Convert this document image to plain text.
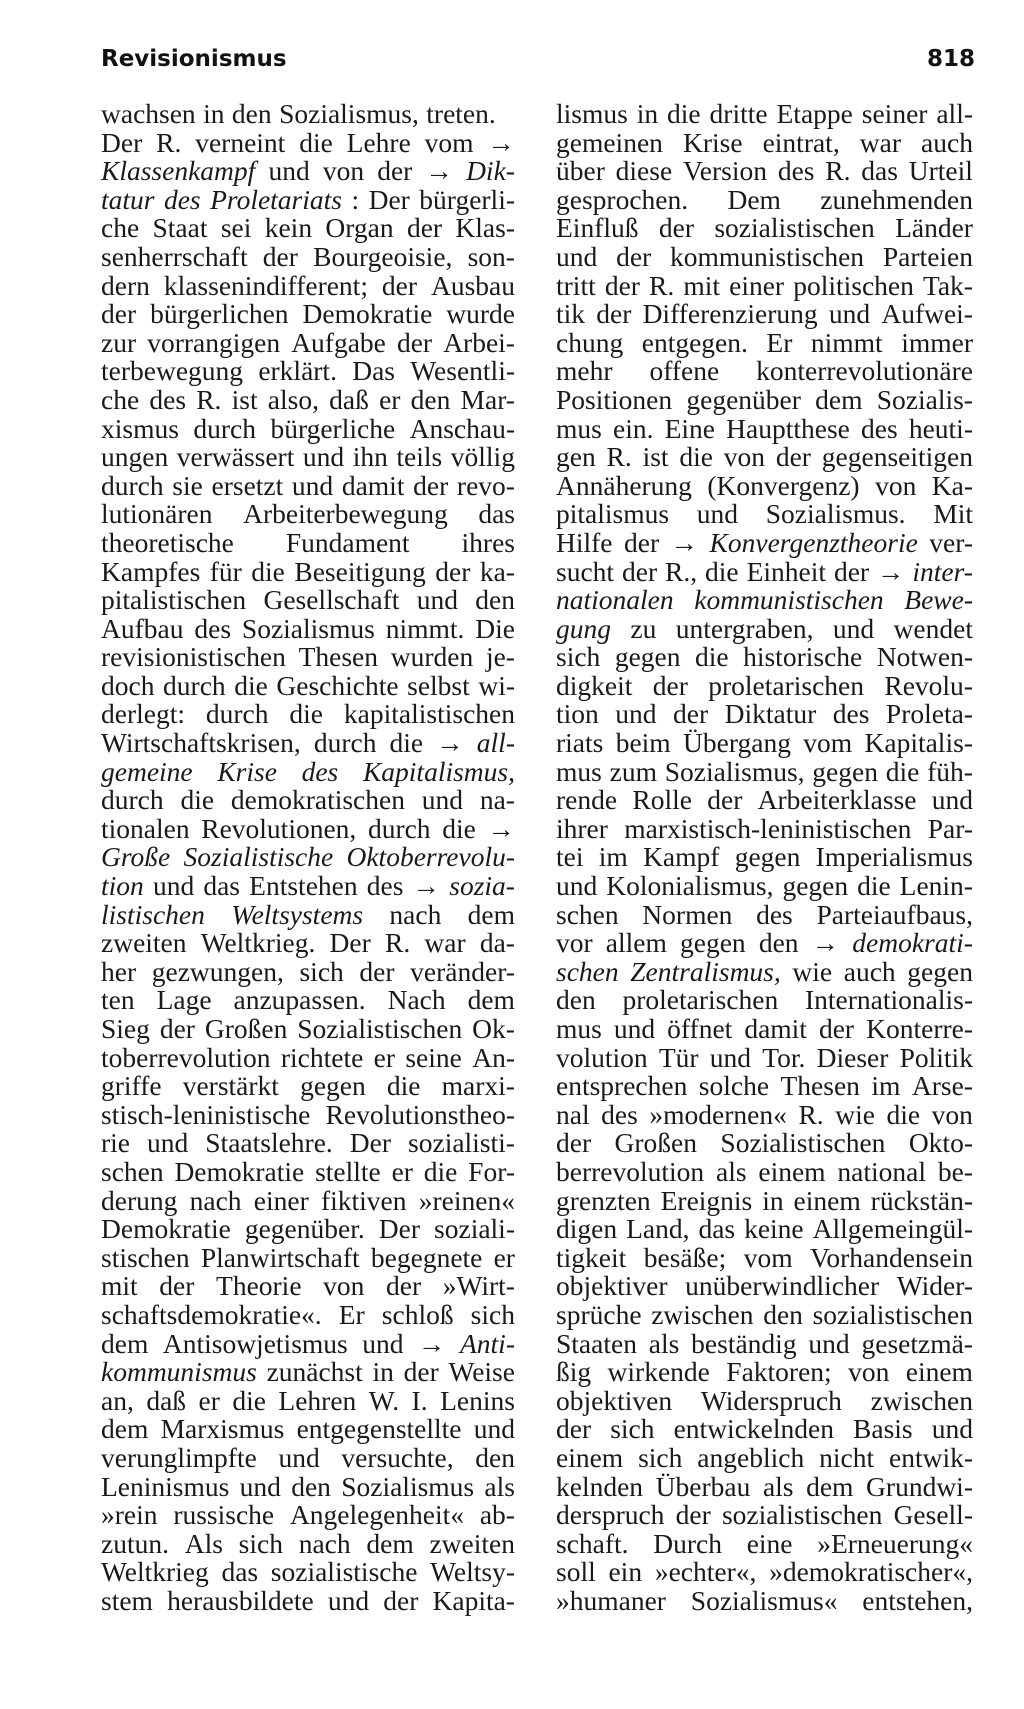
Revisionismus	818
wachsen in den Sozialismus, treten.
Der R. verneint die Lehre vom →
Klassenkampf und von der → Dik-
tatur des Proletariats : Der bürgerli-
che Staat sei kein Organ der Klas-
senherrschaft der Bourgeoisie, son-
dern klassenindifferent; der Ausbau
der bürgerlichen Demokratie wurde
zur vorrangigen Aufgabe der Arbei-
terbewegung erklärt. Das Wesentli-
che des R. ist also, daß er den Mar-
xismus durch bürgerliche Anschau-
ungen verwässert und ihn teils völlig
durch sie ersetzt und damit der revo-
lutionären Arbeiterbewegung das
theoretische Fundament ihres
Kampfes für die Beseitigung der ka-
pitalistischen Gesellschaft und den
Aufbau des Sozialismus nimmt. Die
revisionistischen Thesen wurden je-
doch durch die Geschichte selbst wi-
derlegt: durch die kapitalistischen
Wirtschaftskrisen, durch die → all-
gemeine Krise des Kapitalismus,
durch die demokratischen und na-
tionalen Revolutionen, durch die →
Große Sozialistische Oktoberrevolu-
tion und das Entstehen des → sozia-
listischen Weltsystems nach dem
zweiten Weltkrieg. Der R. war da-
her gezwungen, sich der veränder-
ten Lage anzupassen. Nach dem
Sieg der Großen Sozialistischen Ok-
toberrevolution richtete er seine An-
griffe verstärkt gegen die marxi-
stisch-leninistische Revolutionstheo-
rie und Staatslehre. Der sozialisti-
schen Demokratie stellte er die For-
derung nach einer fiktiven »reinen«
Demokratie gegenüber. Der soziali-
stischen Planwirtschaft begegnete er
mit der Theorie von der »Wirt-
schaftsdemokratie«. Er schloß sich
dem Antisowjetismus und → Anti-
kommunismus zunächst in der Weise
an, daß er die Lehren W. I. Lenins
dem Marxismus entgegenstellte und
verunglimpfte und versuchte, den
Leninismus und den Sozialismus als
»rein russische Angelegenheit« ab-
zutun. Als sich nach dem zweiten
Weltkrieg das sozialistische Weltsy-
stem herausbildete und der Kapita-
lismus in die dritte Etappe seiner all-
gemeinen Krise eintrat, war auch
über diese Version des R. das Urteil
gesprochen. Dem zunehmenden
Einfluß der sozialistischen Länder
und der kommunistischen Parteien
tritt der R. mit einer politischen Tak-
tik der Differenzierung und Aufwei-
chung entgegen. Er nimmt immer
mehr offene konterrevolutionäre
Positionen gegenüber dem Sozialis-
mus ein. Eine Hauptthese des heuti-
gen R. ist die von der gegenseitigen
Annäherung (Konvergenz) von Ka-
pitalismus und Sozialismus. Mit
Hilfe der → Konvergenztheorie ver-
sucht der R., die Einheit der → inter-
nationalen kommunistischen Bewe-
gung zu untergraben, und wendet
sich gegen die historische Notwen-
digkeit der proletarischen Revolu-
tion und der Diktatur des Proleta-
riats beim Übergang vom Kapitalis-
mus zum Sozialismus, gegen die füh-
rende Rolle der Arbeiterklasse und
ihrer marxistisch-leninistischen Par-
tei im Kampf gegen Imperialismus
und Kolonialismus, gegen die Lenin-
schen Normen des Parteiaufbaus,
vor allem gegen den → demokrati-
schen Zentralismus, wie auch gegen
den proletarischen Internationalis-
mus und öffnet damit der Konterre-
volution Tür und Tor. Dieser Politik
entsprechen solche Thesen im Arse-
nal des »modernen« R. wie die von
der Großen Sozialistischen Okto-
berrevolution als einem national be-
grenzten Ereignis in einem rückstän-
digen Land, das keine Allgemeingül-
tigkeit besäße; vom Vorhandensein
objektiver unüberwindlicher Wider-
sprüche zwischen den sozialistischen
Staaten als beständig und gesetzmä-
ßig wirkende Faktoren; von einem
objektiven Widerspruch zwischen
der sich entwickelnden Basis und
einem sich angeblich nicht entwik-
kelnden Überbau als dem Grundwi-
derspruch der sozialistischen Gesell-
schaft. Durch eine »Erneuerung«
soll ein »echter«, »demokratischer«,
»humaner Sozialismus« entstehen,
